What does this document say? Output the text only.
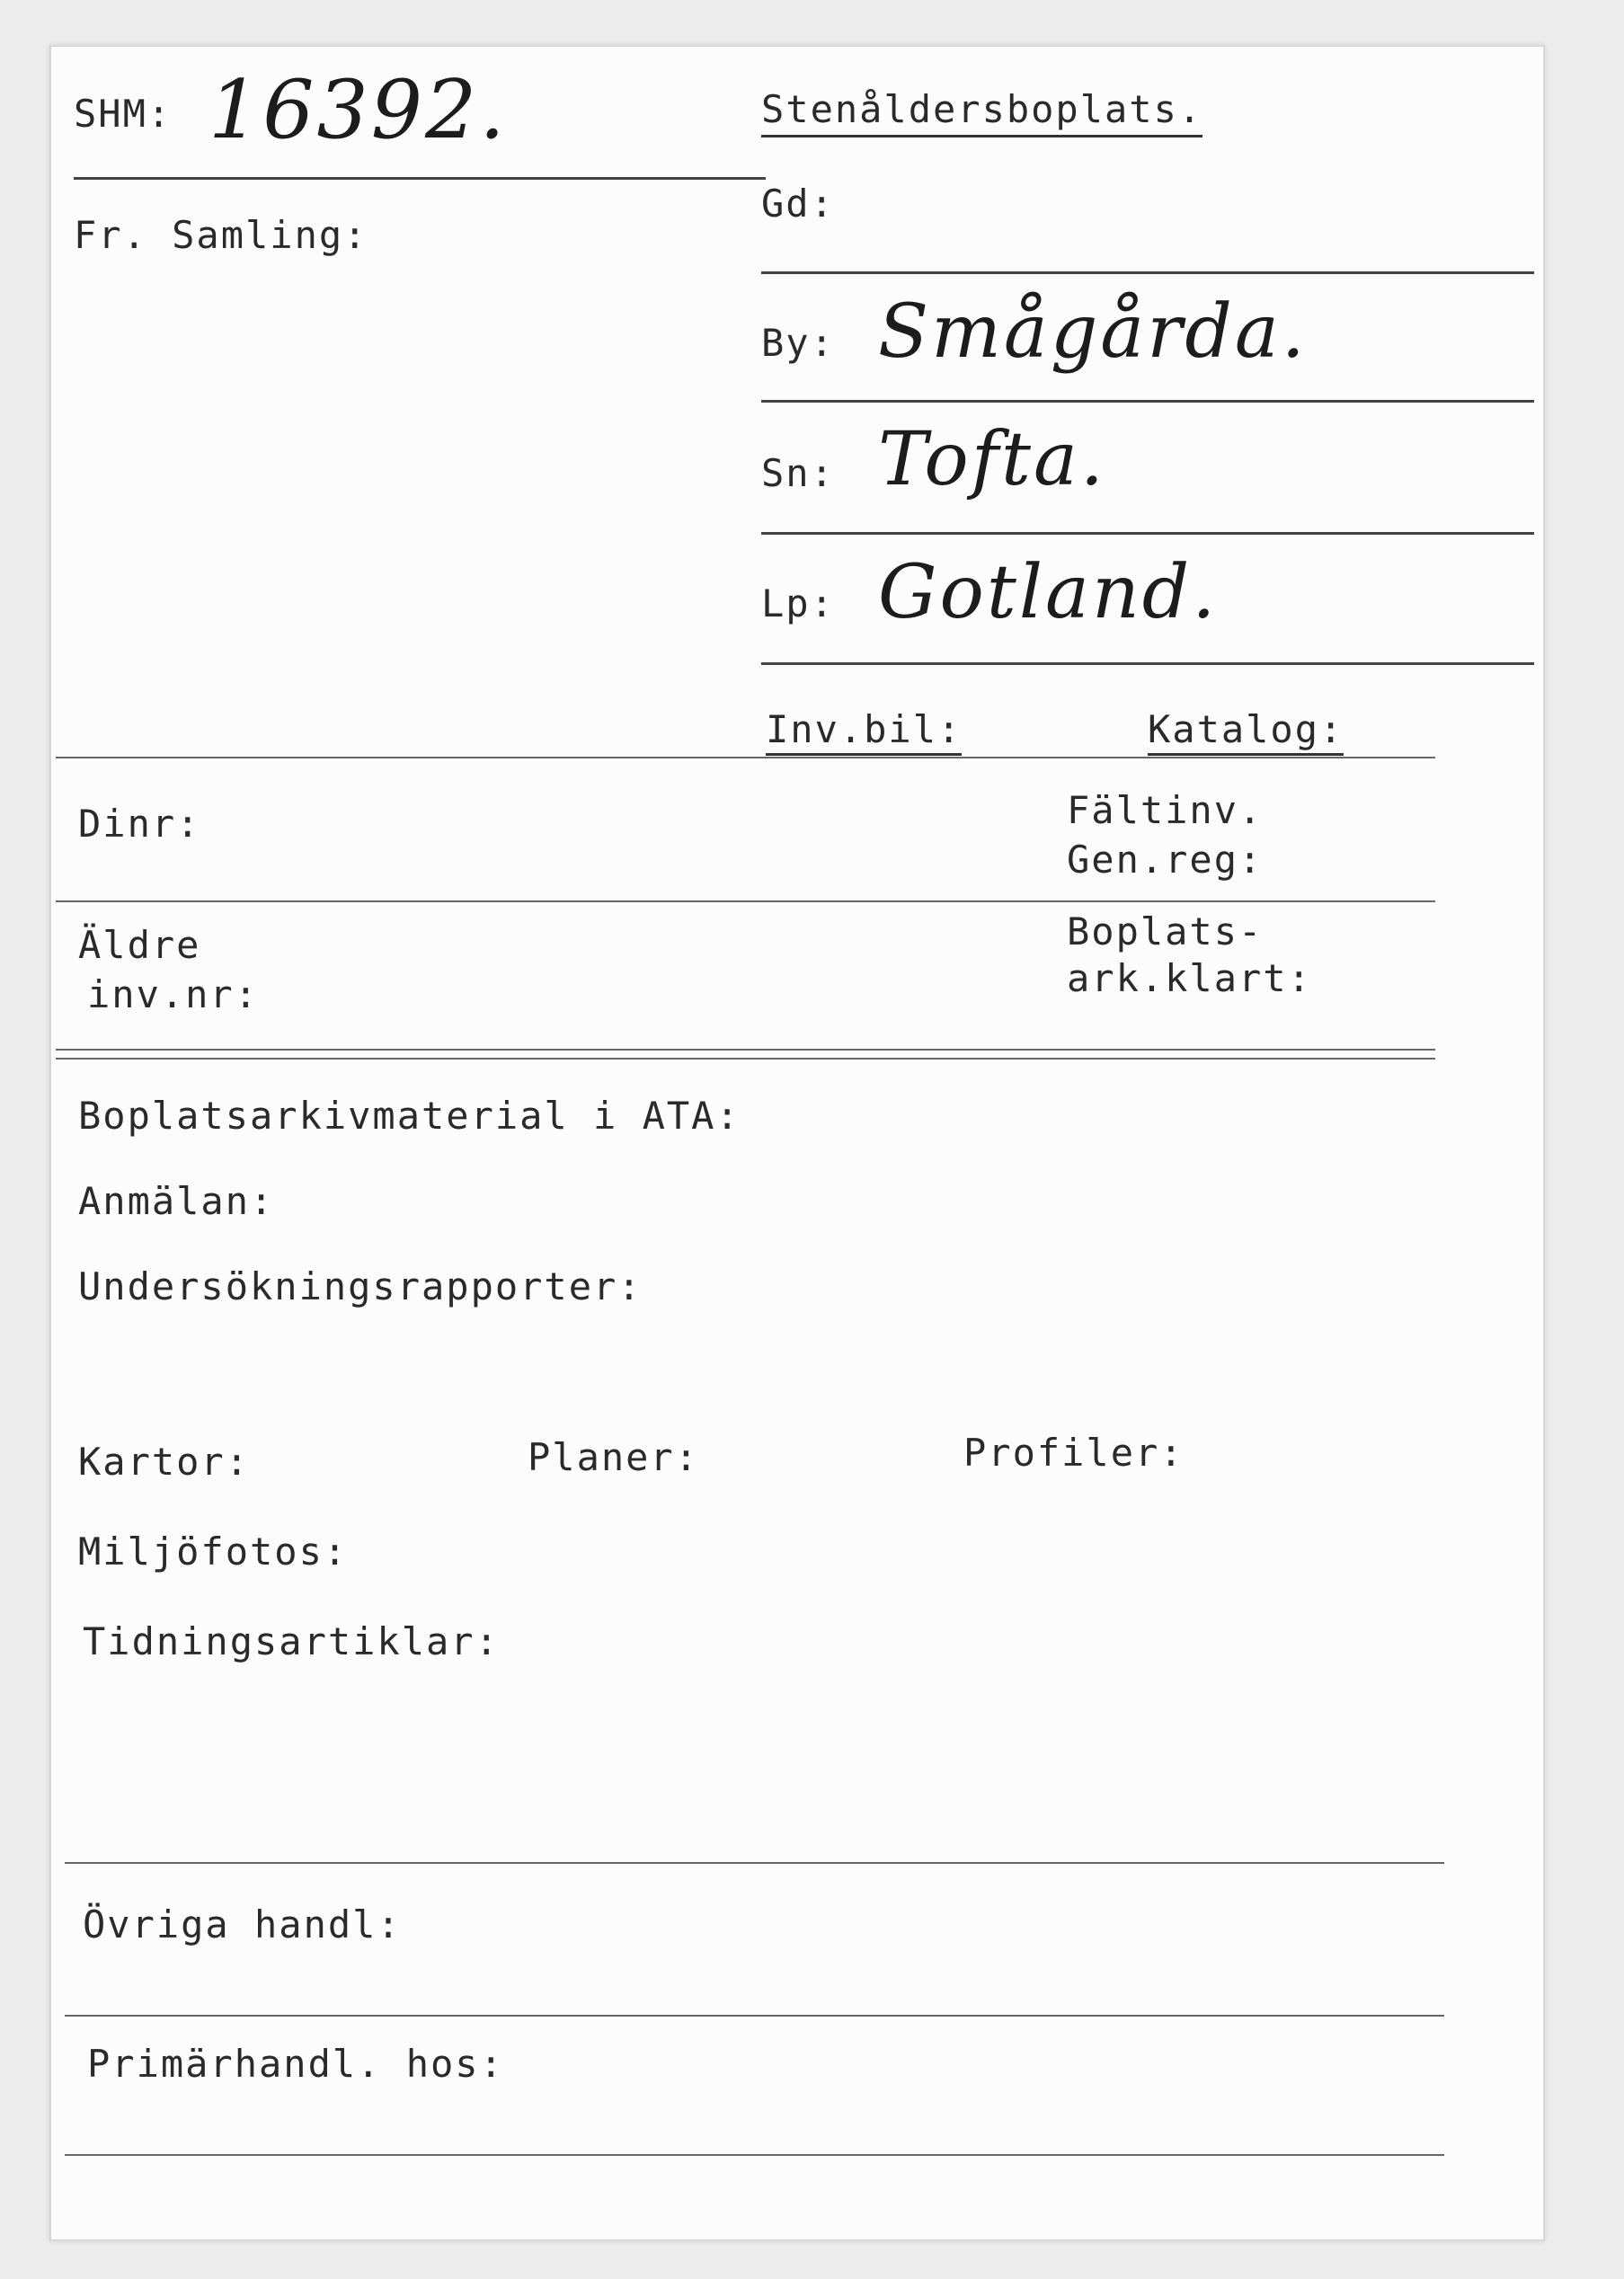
SHM: 16392.
Fr. Samling:
Stenåldersboplats.
Gd:
By: Smågårda.
Sn: Tofta.
Lp: Gotland.
Inv.bil:	Katalog:
Dinr:	Fältinv.
Gen.reg:
Äldre
inv.nr:
Boplats-
ark.klart:
Boplatsarkivmaterial i ATA:
Anmälan:
Undersökningsrapporter:
Kartor:	Planer:	Profiler:
Miljöfotos:
Tidningsartiklar:
Övriga handl:
Primärhandl. hos:
